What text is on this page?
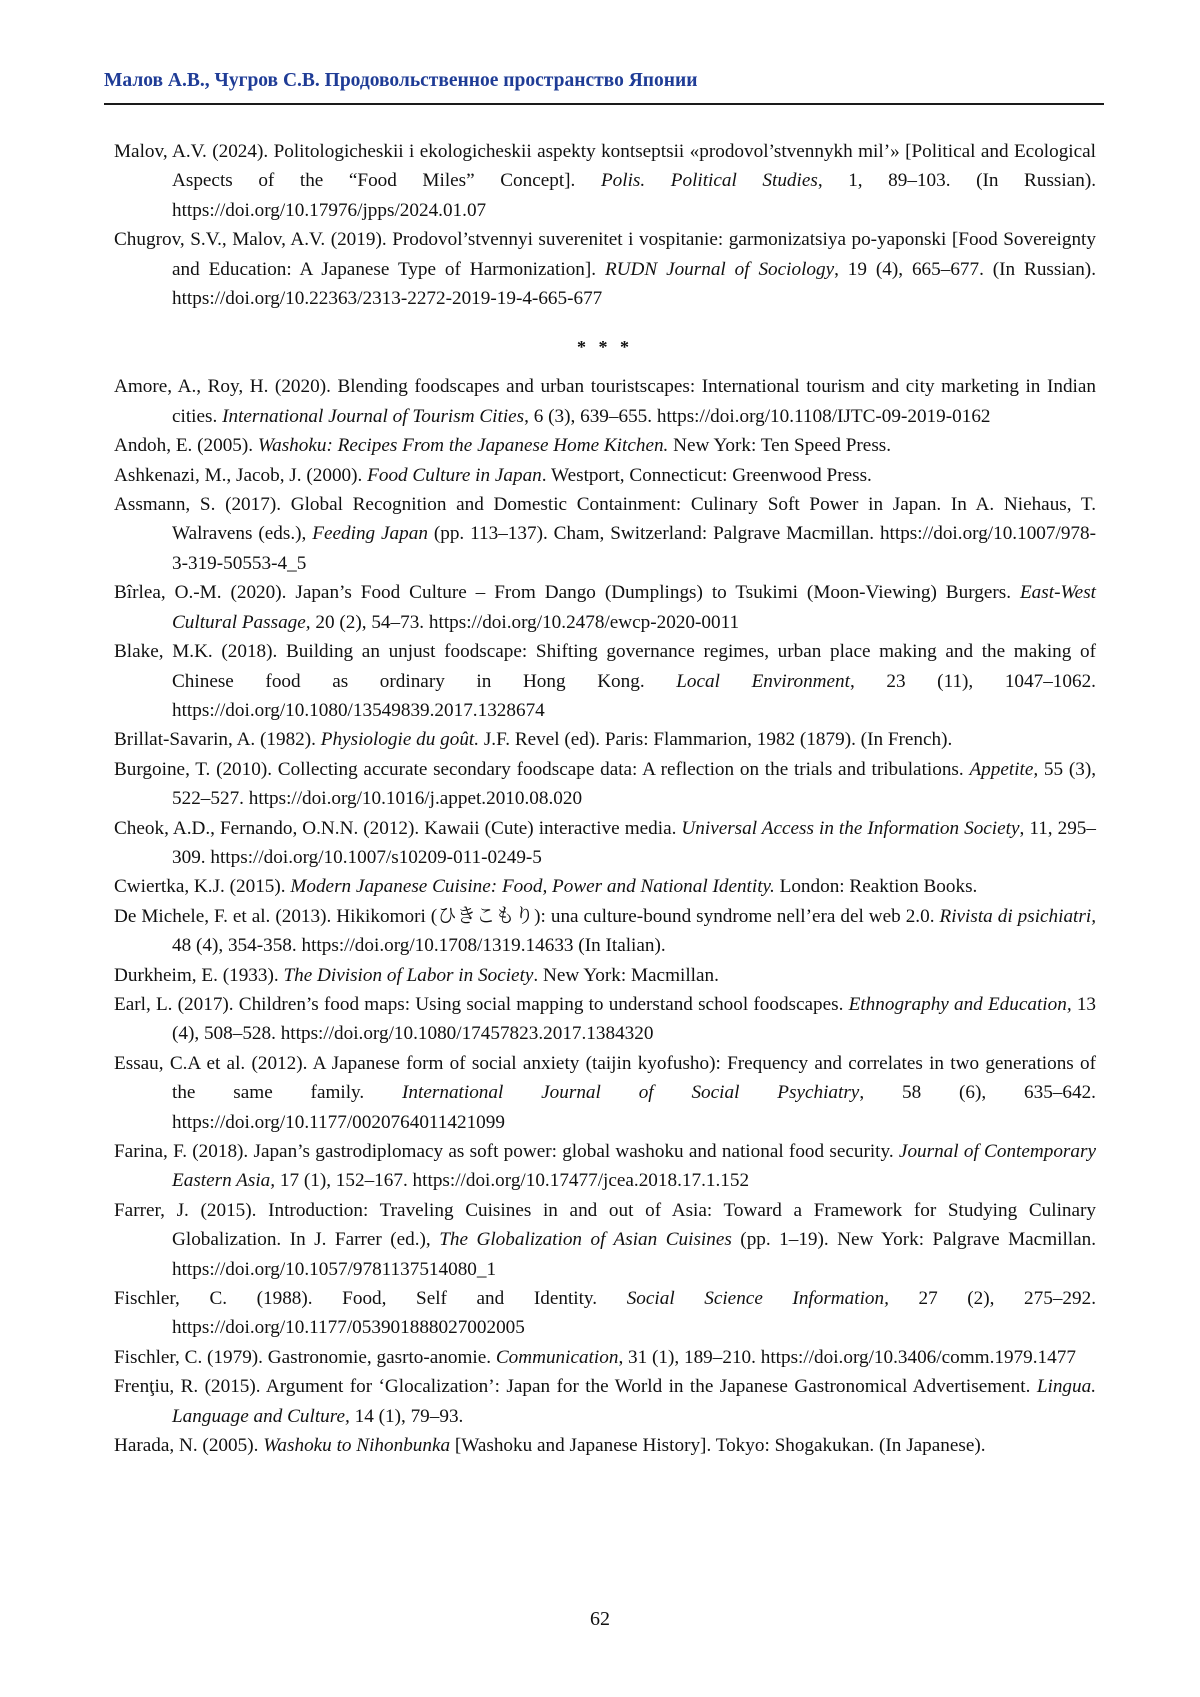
Малов А.В., Чугров С.В. Продовольственное пространство Японии

Malov, A.V. (2024). Politologicheskii i ekologicheskii aspekty kontseptsii «prodovol’stvennykh mil’» [Political and Ecological Aspects of the “Food Miles” Concept]. Polis. Political Studies, 1, 89–103. (In Russian). https://doi.org/10.17976/jpps/2024.01.07

Chugrov, S.V., Malov, A.V. (2019). Prodovol’stvennyi suverenitet i vospitanie: garmonizatsiya po-yaponski [Food Sovereignty and Education: A Japanese Type of Harmonization]. RUDN Journal of Sociology, 19 (4), 665–677. (In Russian). https://doi.org/10.22363/2313-2272-2019-19-4-665-677

* * *

Amore, A., Roy, H. (2020). Blending foodscapes and urban touristscapes: International tourism and city marketing in Indian cities. International Journal of Tourism Cities, 6 (3), 639–655. https://doi.org/10.1108/IJTC-09-2019-0162

Andoh, E. (2005). Washoku: Recipes From the Japanese Home Kitchen. New York: Ten Speed Press.

Ashkenazi, M., Jacob, J. (2000). Food Culture in Japan. Westport, Connecticut: Greenwood Press.

Assmann, S. (2017). Global Recognition and Domestic Containment: Culinary Soft Power in Japan. In A. Niehaus, T. Walravens (eds.), Feeding Japan (pp. 113–137). Cham, Switzerland: Palgrave Macmillan. https://doi.org/10.1007/978-3-319-50553-4_5

Bîrlea, O.-M. (2020). Japan’s Food Culture – From Dango (Dumplings) to Tsukimi (Moon-Viewing) Burgers. East-West Cultural Passage, 20 (2), 54–73. https://doi.org/10.2478/ewcp-2020-0011

Blake, M.K. (2018). Building an unjust foodscape: Shifting governance regimes, urban place making and the making of Chinese food as ordinary in Hong Kong. Local Environment, 23 (11), 1047–1062. https://doi.org/10.1080/13549839.2017.1328674

Brillat-Savarin, A. (1982). Physiologie du goût. J.F. Revel (ed). Paris: Flammarion, 1982 (1879). (In French).

Burgoine, T. (2010). Collecting accurate secondary foodscape data: A reflection on the trials and tribulations. Appetite, 55 (3), 522–527. https://doi.org/10.1016/j.appet.2010.08.020

Cheok, A.D., Fernando, O.N.N. (2012). Kawaii (Cute) interactive media. Universal Access in the Information Society, 11, 295–309. https://doi.org/10.1007/s10209-011-0249-5

Cwiertka, K.J. (2015). Modern Japanese Cuisine: Food, Power and National Identity. London: Reaktion Books.

De Michele, F. et al. (2013). Hikikomori (ひきこもり): una culture-bound syndrome nell’era del web 2.0. Rivista di psichiatri, 48 (4), 354-358. https://doi.org/10.1708/1319.14633 (In Italian).

Durkheim, E. (1933). The Division of Labor in Society. New York: Macmillan.

Earl, L. (2017). Children’s food maps: Using social mapping to understand school foodscapes. Ethnography and Education, 13 (4), 508–528. https://doi.org/10.1080/17457823.2017.1384320

Essau, C.A et al. (2012). A Japanese form of social anxiety (taijin kyofusho): Frequency and correlates in two generations of the same family. International Journal of Social Psychiatry, 58 (6), 635–642. https://doi.org/10.1177/0020764011421099

Farina, F. (2018). Japan’s gastrodiplomacy as soft power: global washoku and national food security. Journal of Contemporary Eastern Asia, 17 (1), 152–167. https://doi.org/10.17477/jcea.2018.17.1.152

Farrer, J. (2015). Introduction: Traveling Cuisines in and out of Asia: Toward a Framework for Studying Culinary Globalization. In J. Farrer (ed.), The Globalization of Asian Cuisines (pp. 1–19). New York: Palgrave Macmillan. https://doi.org/10.1057/9781137514080_1

Fischler, C. (1988). Food, Self and Identity. Social Science Information, 27 (2), 275–292. https://doi.org/10.1177/053901888027002005

Fischler, C. (1979). Gastronomie, gasrto-anomie. Communication, 31 (1), 189–210. https://doi.org/10.3406/comm.1979.1477

Frenţiu, R. (2015). Argument for ‘Glocalization’: Japan for the World in the Japanese Gastronomical Advertisement. Lingua. Language and Culture, 14 (1), 79–93.

Harada, N. (2005). Washoku to Nihonbunka [Washoku and Japanese History]. Tokyo: Shogakukan. (In Japanese).

62
